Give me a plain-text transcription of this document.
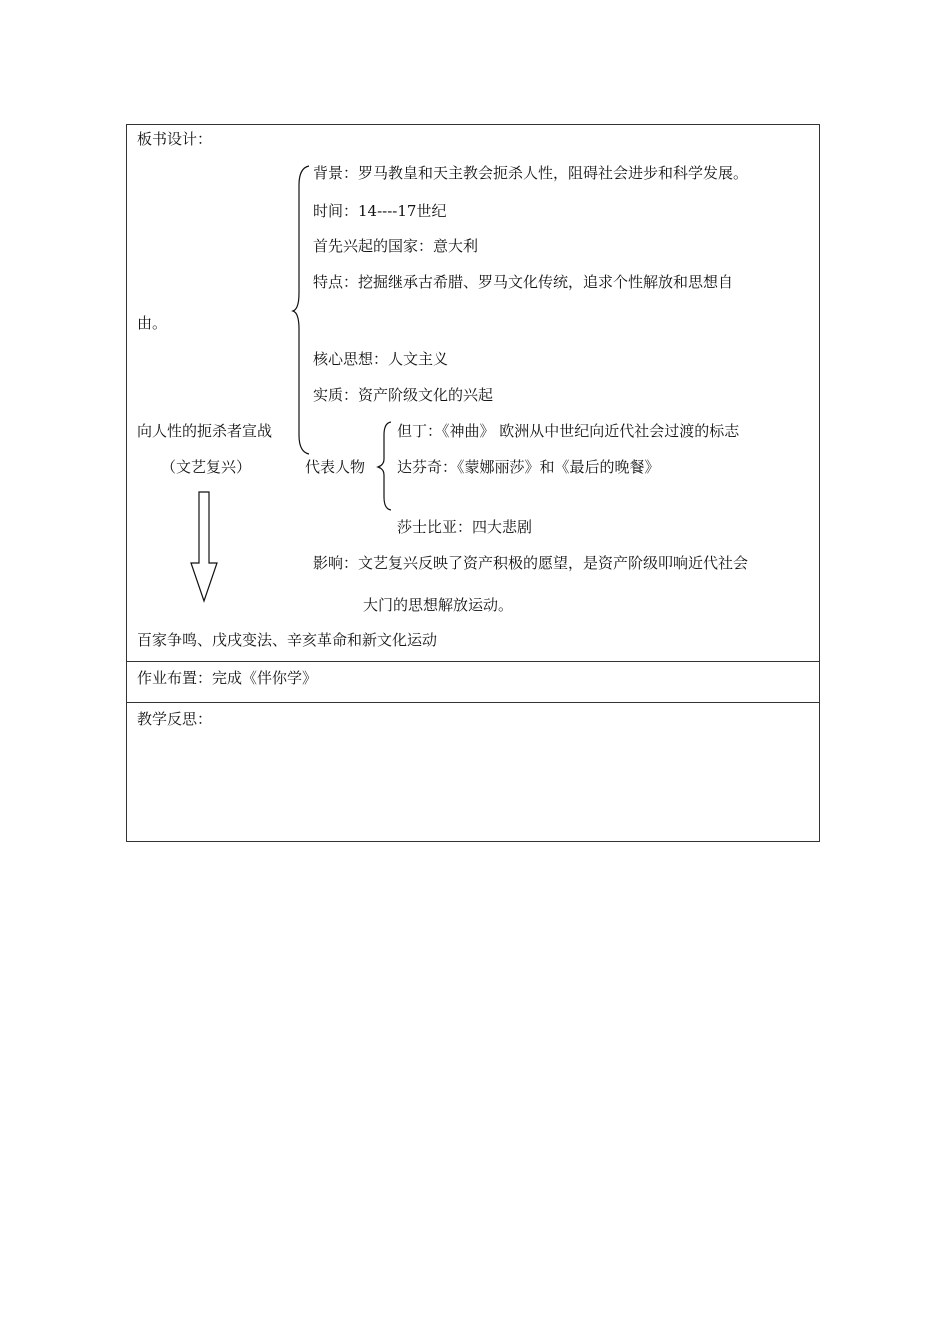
板书设计：
背景：罗马教皇和天主教会扼杀人性，阻碍社会进步和科学发展。
时间：14----17世纪
首先兴起的国家：意大利
特点：挖掘继承古希腊、罗马文化传统，追求个性解放和思想自
由。
核心思想：人文主义
实质：资产阶级文化的兴起
向人性的扼杀者宣战
（文艺复兴）	代表人物
但丁：《神曲》 欧洲从中世纪向近代社会过渡的标志
达芬奇：《蒙娜丽莎》和《最后的晚餐》
莎士比亚：四大悲剧
影响：文艺复兴反映了资产积极的愿望，是资产阶级叩响近代社会
大门的思想解放运动。
百家争鸣、戊戌变法、辛亥革命和新文化运动
作业布置：完成《伴你学》
教学反思：
